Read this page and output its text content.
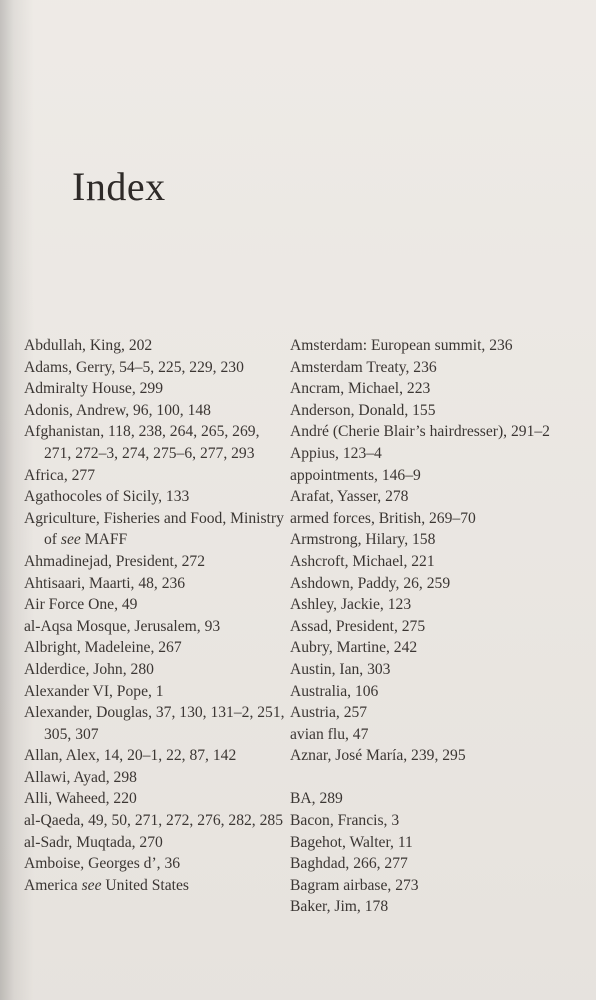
Index
Abdullah, King, 202
Adams, Gerry, 54–5, 225, 229, 230
Admiralty House, 299
Adonis, Andrew, 96, 100, 148
Afghanistan, 118, 238, 264, 265, 269, 271, 272–3, 274, 275–6, 277, 293
Africa, 277
Agathocoles of Sicily, 133
Agriculture, Fisheries and Food, Ministry of see MAFF
Ahmadinejad, President, 272
Ahtisaari, Maarti, 48, 236
Air Force One, 49
al-Aqsa Mosque, Jerusalem, 93
Albright, Madeleine, 267
Alderdice, John, 280
Alexander VI, Pope, 1
Alexander, Douglas, 37, 130, 131–2, 251, 305, 307
Allan, Alex, 14, 20–1, 22, 87, 142
Allawi, Ayad, 298
Alli, Waheed, 220
al-Qaeda, 49, 50, 271, 272, 276, 282, 285
al-Sadr, Muqtada, 270
Amboise, Georges d’, 36
America see United States
Amsterdam: European summit, 236
Amsterdam Treaty, 236
Ancram, Michael, 223
Anderson, Donald, 155
André (Cherie Blair’s hairdresser), 291–2
Appius, 123–4
appointments, 146–9
Arafat, Yasser, 278
armed forces, British, 269–70
Armstrong, Hilary, 158
Ashcroft, Michael, 221
Ashdown, Paddy, 26, 259
Ashley, Jackie, 123
Assad, President, 275
Aubry, Martine, 242
Austin, Ian, 303
Australia, 106
Austria, 257
avian flu, 47
Aznar, José María, 239, 295
BA, 289
Bacon, Francis, 3
Bagehot, Walter, 11
Baghdad, 266, 277
Bagram airbase, 273
Baker, Jim, 178
